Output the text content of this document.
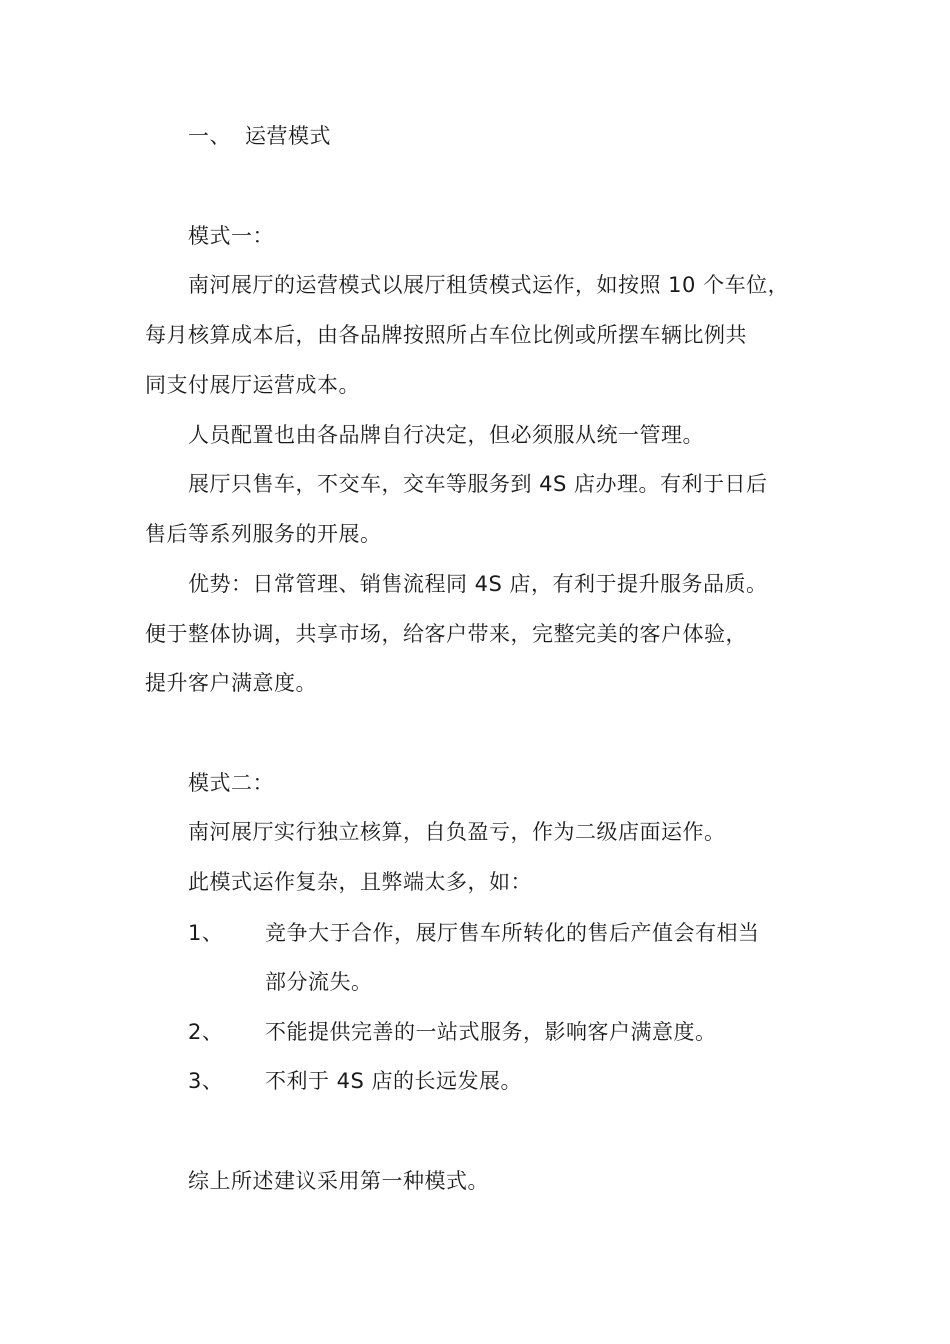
一、 运营模式
模式一：
南河展厅的运营模式以展厅租赁模式运作，如按照 10 个车位，
每月核算成本后，由各品牌按照所占车位比例或所摆车辆比例共
同支付展厅运营成本。
人员配置也由各品牌自行决定，但必须服从统一管理。
展厅只售车，不交车，交车等服务到 4S 店办理。有利于日后
售后等系列服务的开展。
优势：日常管理、销售流程同 4S 店，有利于提升服务品质。
便于整体协调，共享市场，给客户带来，完整完美的客户体验，
提升客户满意度。
模式二：
南河展厅实行独立核算，自负盈亏，作为二级店面运作。
此模式运作复杂，且弊端太多，如：
1、 竞争大于合作，展厅售车所转化的售后产值会有相当
部分流失。
2、 不能提供完善的一站式服务，影响客户满意度。
3、 不利于 4S 店的长远发展。
综上所述建议采用第一种模式。
